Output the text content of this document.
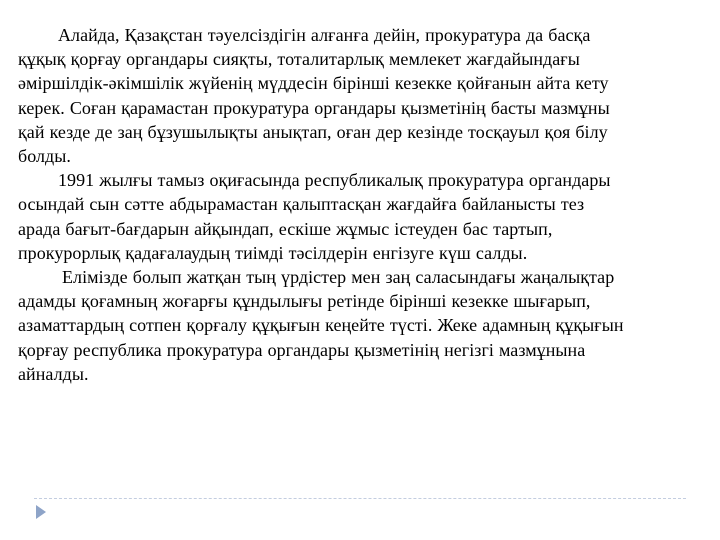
Алайда, Қазақстан тәуелсіздігін алғанға дейін, прокуратура да басқа
құқық қорғау органдары сияқты, тоталитарлық мемлекет жағдайындағы
әміршілдік-әкімшілік жүйенің мүддесін бірінші кезекке қойғанын айта кету
керек. Соған қарамастан прокуратура органдары қызметінің басты мазмұны
қай кезде де заң бұзушылықты анықтап, оған дер кезінде тосқауыл қоя білу
болды.
1991 жылғы тамыз оқиғасында республикалық прокуратура органдары
осындай сын сәтте абдырамастан қалыптасқан жағдайға байланысты тез
арада бағыт-бағдарын айқындап, ескіше жұмыс істеуден бас тартып,
прокурорлық қадағалаудың тиімді тәсілдерін енгізуге күш салды.
Елімізде болып жатқан тың үрдістер мен заң саласындағы жаңалықтар
адамды қоғамның жоғарғы құндылығы ретінде бірінші кезекке шығарып,
азаматтардың сотпен қорғалу құқығын кеңейте түсті. Жеке адамның құқығын
қорғау республика прокуратура органдары қызметінің негізгі мазмұнына
айналды.
